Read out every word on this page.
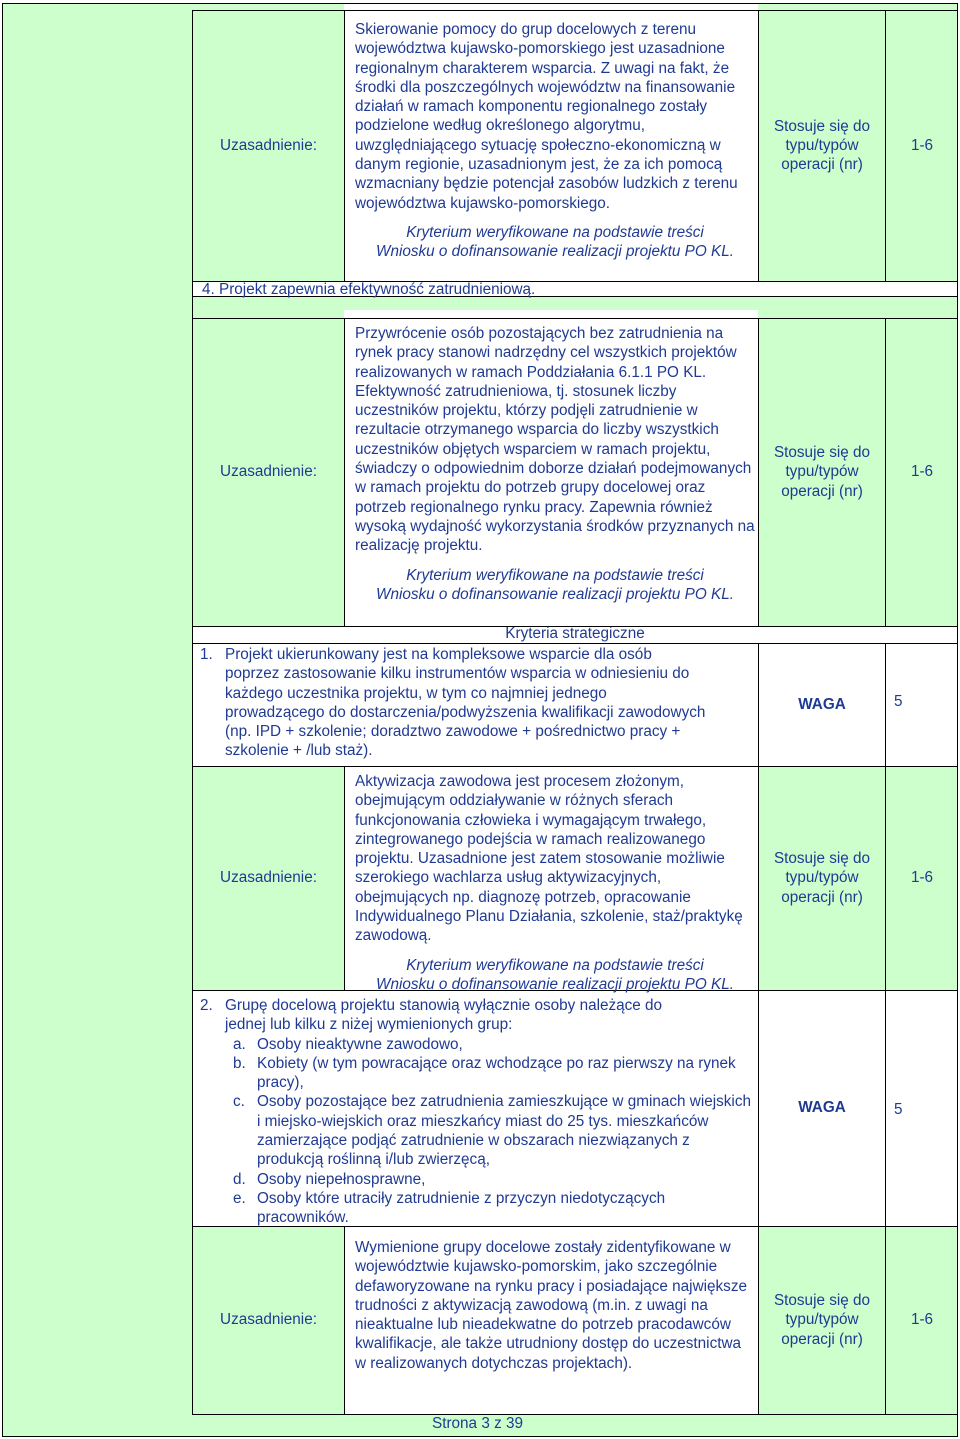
Uzasadnienie:
Skierowanie pomocy do grup docelowych z terenu województwa kujawsko-pomorskiego jest uzasadnione regionalnym charakterem wsparcia. Z uwagi na fakt, że środki dla poszczególnych województw na finansowanie działań w ramach komponentu regionalnego zostały podzielone według określonego algorytmu, uwzględniającego sytuację społeczno-ekonomiczną w danym regionie, uzasadnionym jest, że za ich pomocą wzmacniany będzie potencjał zasobów ludzkich z terenu województwa kujawsko-pomorskiego.
Kryterium weryfikowane na podstawie treści
Wniosku o dofinansowanie realizacji projektu PO KL.
Stosuje się do typu/typów operacji (nr)
1-6
4. Projekt zapewnia efektywność zatrudnieniową.
Uzasadnienie:
Przywrócenie osób pozostających bez zatrudnienia na rynek pracy stanowi nadrzędny cel wszystkich projektów realizowanych w ramach Poddziałania 6.1.1 PO KL. Efektywność zatrudnieniowa, tj. stosunek liczby uczestników projektu, którzy podjęli zatrudnienie w rezultacie otrzymanego wsparcia do liczby wszystkich uczestników objętych wsparciem w ramach projektu, świadczy o odpowiednim doborze działań podejmowanych w ramach projektu do potrzeb grupy docelowej oraz potrzeb regionalnego rynku pracy. Zapewnia również wysoką wydajność wykorzystania środków przyznanych na realizację projektu.
Kryterium weryfikowane na podstawie treści
Wniosku o dofinansowanie realizacji projektu PO KL.
Stosuje się do typu/typów operacji (nr)
1-6
Kryteria strategiczne
1. Projekt ukierunkowany jest na kompleksowe wsparcie dla osób
poprzez zastosowanie kilku instrumentów wsparcia w odniesieniu do
każdego uczestnika projektu, w tym co najmniej jednego
prowadzącego do dostarczenia/podwyższenia kwalifikacji zawodowych
(np. IPD + szkolenie; doradztwo zawodowe + pośrednictwo pracy +
szkolenie + /lub staż).
WAGA	5
Uzasadnienie:
Aktywizacja zawodowa jest procesem złożonym, obejmującym oddziaływanie w różnych sferach funkcjonowania człowieka i wymagającym trwałego, zintegrowanego podejścia w ramach realizowanego projektu. Uzasadnione jest zatem stosowanie możliwie szerokiego wachlarza usług aktywizacyjnych, obejmujących np. diagnozę potrzeb, opracowanie Indywidualnego Planu Działania, szkolenie, staż/praktykę zawodową.
Kryterium weryfikowane na podstawie treści
Wniosku o dofinansowanie realizacji projektu PO KL.
Stosuje się do typu/typów operacji (nr)
1-6
2. Grupę docelową projektu stanowią wyłącznie osoby należące do
jednej lub kilku z niżej wymienionych grup:
a. Osoby nieaktywne zawodowo,
b. Kobiety (w tym powracające oraz wchodzące po raz pierwszy na rynek pracy),
c. Osoby pozostające bez zatrudnienia zamieszkujące w gminach wiejskich i miejsko-wiejskich oraz mieszkańcy miast do 25 tys. mieszkańców zamierzające podjąć zatrudnienie w obszarach niezwiązanych z produkcją roślinną i/lub zwierzęcą,
d. Osoby niepełnosprawne,
e. Osoby które utraciły zatrudnienie z przyczyn niedotyczących pracowników.
WAGA	5
Uzasadnienie:
Wymienione grupy docelowe zostały zidentyfikowane w województwie kujawsko-pomorskim, jako szczególnie defaworyzowane na rynku pracy i posiadające największe trudności z aktywizacją zawodową (m.in. z uwagi na nieaktualne lub nieadekwatne do potrzeb pracodawców kwalifikacje, ale także utrudniony dostęp do uczestnictwa w realizowanych dotychczas projektach).
Stosuje się do typu/typów operacji (nr)
1-6
Strona 3 z 39
